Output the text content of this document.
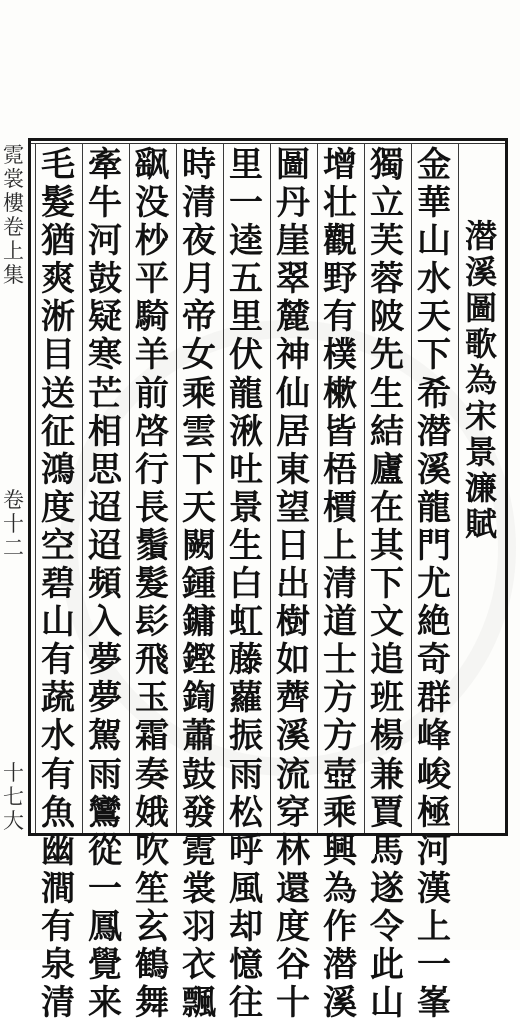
霓
裳
樓
卷
上
集
卷
十
二
十
七
大
潜
溪
圖
歌
為
宋
景
濂
賦
金
華
山
水
天
下
希
潜
溪
龍
門
尤
絶
奇
群
峰
峻
極
河
漢
上
一
峯
獨
立
芙
蓉
陂
先
生
結
廬
在
其
下
文
追
班
楊
兼
賈
馬
遂
令
此
山
增
壮
觀
野
有
樸
樕
皆
梧
檟
上
清
道
士
方
方
壺
乘
興
為
作
潜
溪
圖
丹
崖
翠
麓
神
仙
居
東
望
日
出
樹
如
薺
溪
流
穿
林
還
度
谷
十
里
一
逵
五
里
伏
龍
湫
吐
景
生
白
虹
藤
蘿
振
雨
松
呼
風
却
憶
往
時
清
夜
月
帝
女
乘
雲
下
天
闕
鍾
鏞
鏗
鍧
蕭
鼓
發
霓
裳
羽
衣
飄
飖
没
杪
平
騎
羊
前
啓
行
長
鬚
髮
髟
飛
玉
霜
奏
娥
吹
笙
玄
鶴
舞
牽
牛
河
鼓
疑
寒
芒
相
思
迢
迢
頻
入
夢
夢
駕
雨
鸞
從
一
鳳
覺
来
毛
髮
猶
爽
淅
目
送
征
鴻
度
空
碧
山
有
蔬
水
有
魚
幽
澗
有
泉
清
